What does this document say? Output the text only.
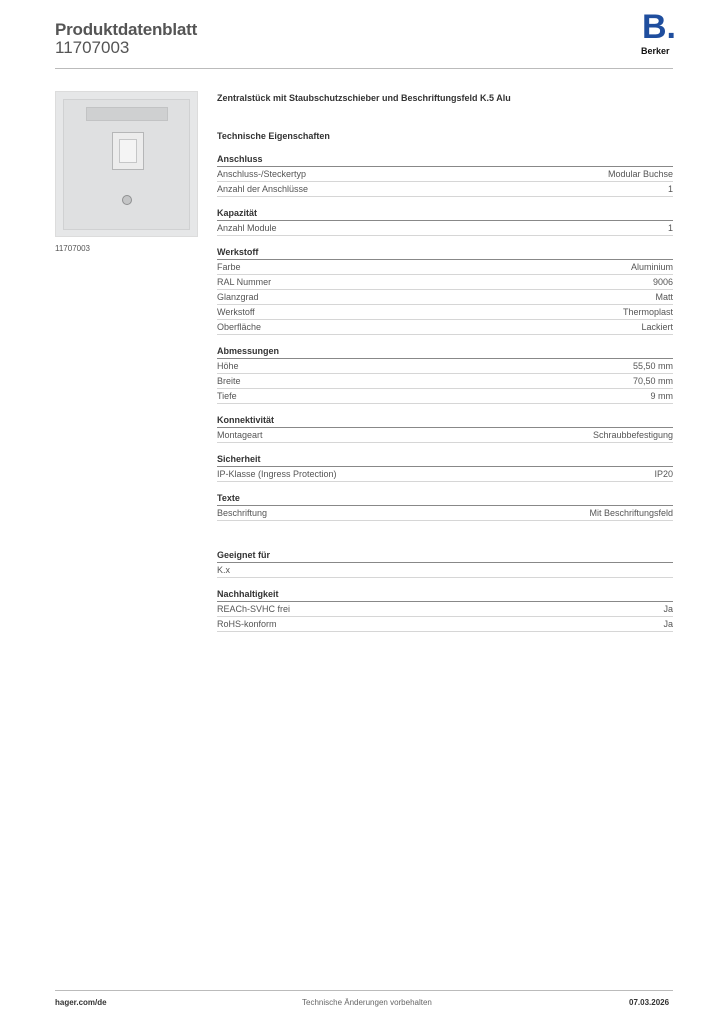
Produktdatenblatt
11707003
B.
Berker
11707003
Zentralstück mit Staubschutzschieber und Beschriftungsfeld K.5 Alu
Technische Eigenschaften
Anschluss
Anschluss-/Steckertyp	Modular Buchse
Anzahl der Anschlüsse	1
Kapazität
Anzahl Module	1
Werkstoff
Farbe	Aluminium
RAL Nummer	9006
Glanzgrad	Matt
Werkstoff	Thermoplast
Oberfläche	Lackiert
Abmessungen
Höhe	55,50 mm
Breite	70,50 mm
Tiefe	9 mm
Konnektivität
Montageart	Schraubbefestigung
Sicherheit
IP-Klasse (Ingress Protection)	IP20
Texte
Beschriftung	Mit Beschriftungsfeld
Geeignet für
K.x
Nachhaltigkeit
REACh-SVHC frei	Ja
RoHS-konform	Ja
hager.com/de	Technische Änderungen vorbehalten	07.03.2026
